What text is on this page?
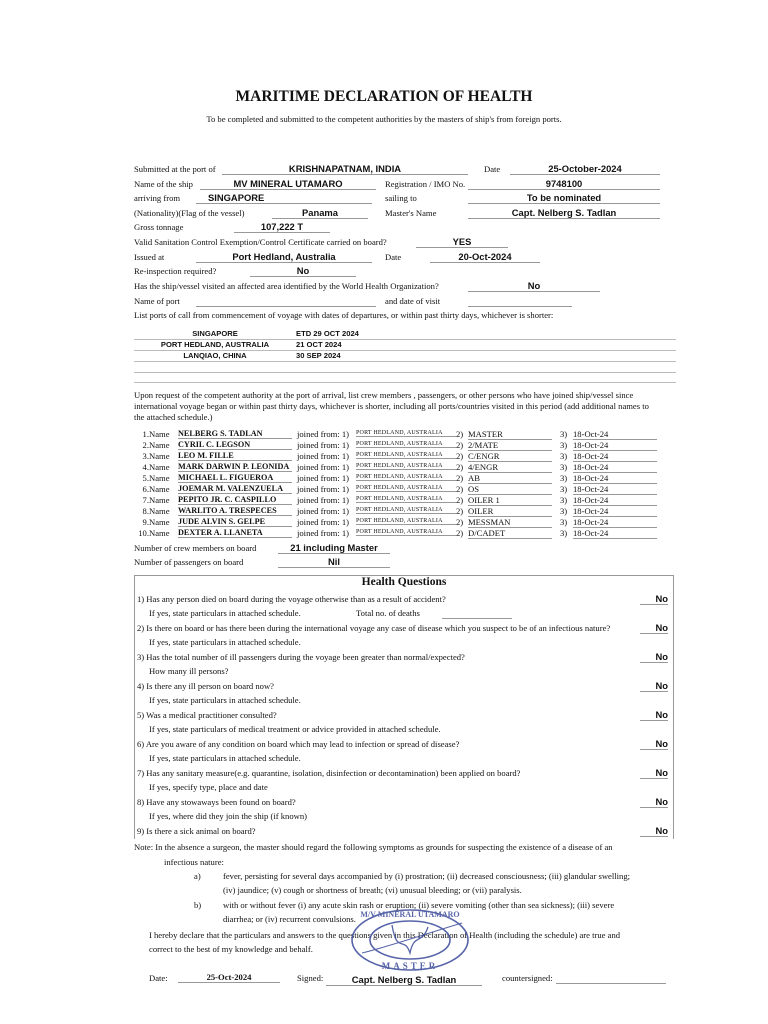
MARITIME DECLARATION OF HEALTH
To be completed and submitted to the competent authorities by the masters of ship's from foreign ports.
Submitted at the port of	KRISHNAPATNAM, INDIA	Date	25-October-2024
Name of the ship	MV MINERAL UTAMARO	Registration / IMO No.	9748100
arriving from	SINGAPORE	sailing to	To be nominated
(Nationality)(Flag of the vessel)	Panama	Master's Name	Capt. Nelberg S. Tadlan
Gross tonnage	107,222 T
Valid Sanitation Control Exemption/Control Certificate carried on board?	YES
Issued at	Port Hedland, Australia	Date	20-Oct-2024
Re-inspection required?	No
Has the ship/vessel visited an affected area identified by the World Health Organization?	No
Name of port	and date of visit
List ports of call from commencement of voyage with dates of departures, or within past thirty days, whichever is shorter:
SINGAPORE	ETD 29 OCT 2024
PORT HEDLAND, AUSTRALIA	21 OCT 2024
LANQIAO, CHINA	30 SEP 2024
Upon request of the competent authority at the port of arrival, list crew members , passengers, or other persons who have joined ship/vessel since international voyage began or within past thirty days, whichever is shorter, including all ports/countries visited in this period (add additional names to the attached schedule.)
1. Name NELBERG S. TADLAN	joined from: 1) PORT HEDLAND, AUSTRALIA	2) MASTER	3) 18-Oct-24
2. Name CYRIL C. LEGSON	joined from: 1) PORT HEDLAND, AUSTRALIA	2) 2/MATE	3) 18-Oct-24
3. Name LEO M. FILLE	joined from: 1) PORT HEDLAND, AUSTRALIA	2) C/ENGR	3) 18-Oct-24
4. Name MARK DARWIN P. LEONIDA joined from: 1) PORT HEDLAND, AUSTRALIA	2) 4/ENGR	3) 18-Oct-24
5. Name MICHAEL L. FIGUEROA	joined from: 1) PORT HEDLAND, AUSTRALIA	2) AB	3) 18-Oct-24
6. Name JOEMAR M. VALENZUELA	joined from: 1) PORT HEDLAND, AUSTRALIA	2) OS	3) 18-Oct-24
7. Name PEPITO JR. C. CASPILLO	joined from: 1) PORT HEDLAND, AUSTRALIA	2) OILER 1	3) 18-Oct-24
8. Name WARLITO A. TRESPECES	joined from: 1) PORT HEDLAND, AUSTRALIA	2) OILER	3) 18-Oct-24
9. Name JUDE ALVIN S. GELPE	joined from: 1) PORT HEDLAND, AUSTRALIA	2) MESSMAN	3) 18-Oct-24
10. Name DEXTER A. LLANETA	joined from: 1) PORT HEDLAND, AUSTRALIA	2) D/CADET	3) 18-Oct-24
Number of crew members on board	21 including Master
Number of passengers on board	Nil
Health Questions
1) Has any person died on board during the voyage otherwise than as a result of accident?	No
If yes, state particulars in attached schedule.	Total no. of deaths
2) Is there on board or has there been during the international voyage any case of disease which you suspect to be of an infectious nature?	No
If yes, state particulars in attached schedule.
3) Has the total number of ill passengers during the voyage been greater than normal/expected?	No
How many ill persons?
4) Is there any ill person on board now?	No
If yes, state particulars in attached schedule.
5) Was a medical practitioner consulted?	No
If yes, state particulars of medical treatment or advice provided in attached schedule.
6) Are you aware of any condition on board which may lead to infection or spread of disease?	No
If yes, state particulars in attached schedule.
7) Has any sanitary measure(e.g. quarantine, isolation, disinfection or decontamination) been applied on board?	No
If yes, specify type, place and date
8) Have any stowaways been found on board?	No
If yes, where did they join the ship (if known)
9) Is there a sick animal on board?	No
Note: In the absence a surgeon, the master should regard the following symptoms as grounds for suspecting the existence of a disease of an
infectious nature:
a)	fever, persisting for several days accompanied by (i) prostration; (ii) decreased consciousness; (iii) glandular swelling;
(iv) jaundice; (v) cough or shortness of breath; (vi) unusual bleeding; or (vii) paralysis.
b)	with or without fever (i) any acute skin rash or eruption; (ii) severe vomiting (other than sea sickness); (iii) severe
diarrhea; or (iv) recurrent convulsions.
I hereby declare that the particulars and answers to the questions given in this Declaration of Health (including the schedule) are true and
correct to the best of my knowledge and behalf.
M/V MINERAL UTAMARO
MASTER
Date:	25-Oct-2024	Signed:	Capt. Nelberg S. Tadlan	countersigned:
